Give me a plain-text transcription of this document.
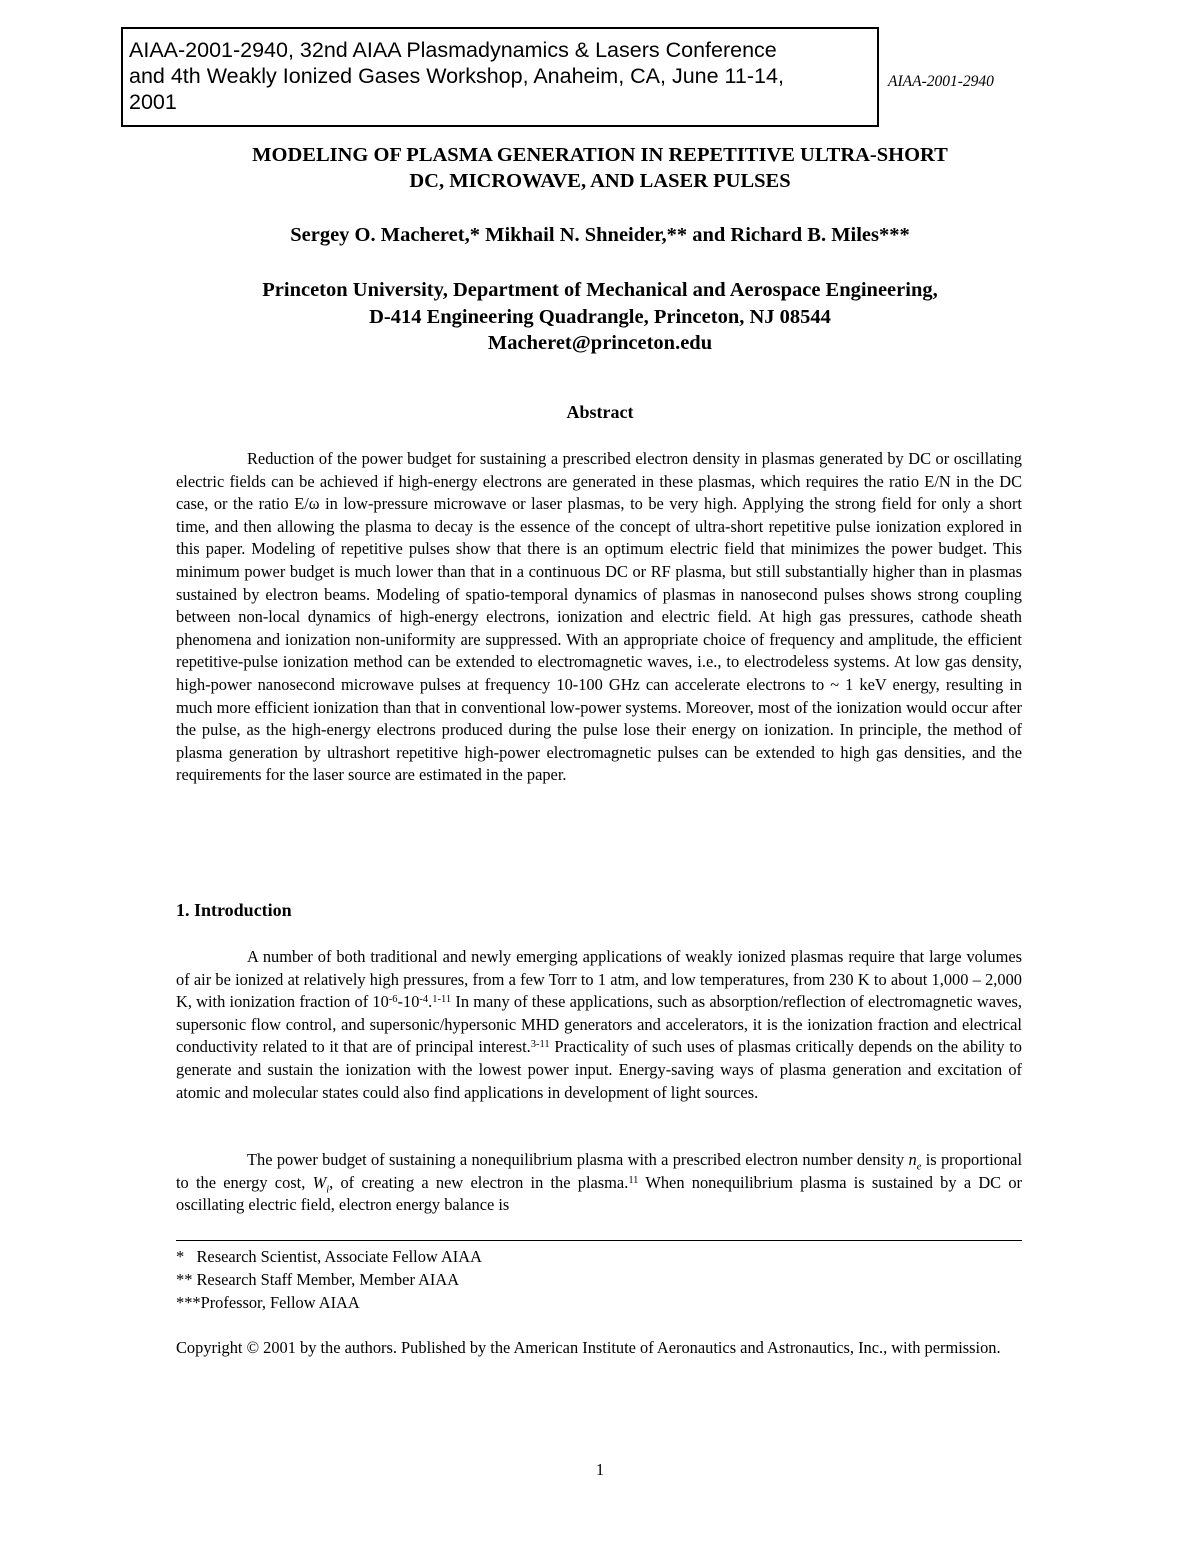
AIAA-2001-2940, 32nd AIAA Plasmadynamics & Lasers Conference
and 4th Weakly Ionized Gases Workshop, Anaheim, CA, June 11-14,
2001
AIAA-2001-2940
MODELING OF PLASMA GENERATION IN REPETITIVE ULTRA-SHORT
DC, MICROWAVE, AND LASER PULSES
Sergey O. Macheret,* Mikhail N. Shneider,** and Richard B. Miles***
Princeton University, Department of Mechanical and Aerospace Engineering,
D-414 Engineering Quadrangle, Princeton, NJ 08544
Macheret@princeton.edu
Abstract

Reduction of the power budget for sustaining a prescribed electron density in plasmas generated by DC or oscillating electric fields can be achieved if high-energy electrons are generated in these plasmas, which requires the ratio E/N in the DC case, or the ratio E/ω in low-pressure microwave or laser plasmas, to be very high. Applying the strong field for only a short time, and then allowing the plasma to decay is the essence of the concept of ultra-short repetitive pulse ionization explored in this paper. Modeling of repetitive pulses show that there is an optimum electric field that minimizes the power budget. This minimum power budget is much lower than that in a continuous DC or RF plasma, but still substantially higher than in plasmas sustained by electron beams. Modeling of spatio-temporal dynamics of plasmas in nanosecond pulses shows strong coupling between non-local dynamics of high-energy electrons, ionization and electric field. At high gas pressures, cathode sheath phenomena and ionization non-uniformity are suppressed. With an appropriate choice of frequency and amplitude, the efficient repetitive-pulse ionization method can be extended to electromagnetic waves, i.e., to electrodeless systems. At low gas density, high-power nanosecond microwave pulses at frequency 10-100 GHz can accelerate electrons to ~ 1 keV energy, resulting in much more efficient ionization than that in conventional low-power systems. Moreover, most of the ionization would occur after the pulse, as the high-energy electrons produced during the pulse lose their energy on ionization. In principle, the method of plasma generation by ultrashort repetitive high-power electromagnetic pulses can be extended to high gas densities, and the requirements for the laser source are estimated in the paper.

1. Introduction

A number of both traditional and newly emerging applications of weakly ionized plasmas require that large volumes of air be ionized at relatively high pressures, from a few Torr to 1 atm, and low temperatures, from 230 K to about 1,000 – 2,000 K, with ionization fraction of $10^{-6}-10^{-4}.^{1-11}$ In many of these applications, such as absorption/reflection of electromagnetic waves, supersonic flow control, and supersonic/hypersonic MHD generators and accelerators, it is the ionization fraction and electrical conductivity related to it that are of principal interest.$^{3-11}$ Practicality of such uses of plasmas critically depends on the ability to generate and sustain the ionization with the lowest power input. Energy-saving ways of plasma generation and excitation of atomic and molecular states could also find applications in development of light sources.

The power budget of sustaining a nonequilibrium plasma with a prescribed electron number density $n_e$ is proportional to the energy cost, $W_i$, of creating a new electron in the plasma.$^{11}$ When nonequilibrium plasma is sustained by a DC or oscillating electric field, electron energy balance is

*   Research Scientist, Associate Fellow AIAA
** Research Staff Member, Member AIAA
***Professor, Fellow AIAA
Copyright © 2001 by the authors. Published by the American Institute of Aeronautics and Astronautics, Inc., with permission.
1
